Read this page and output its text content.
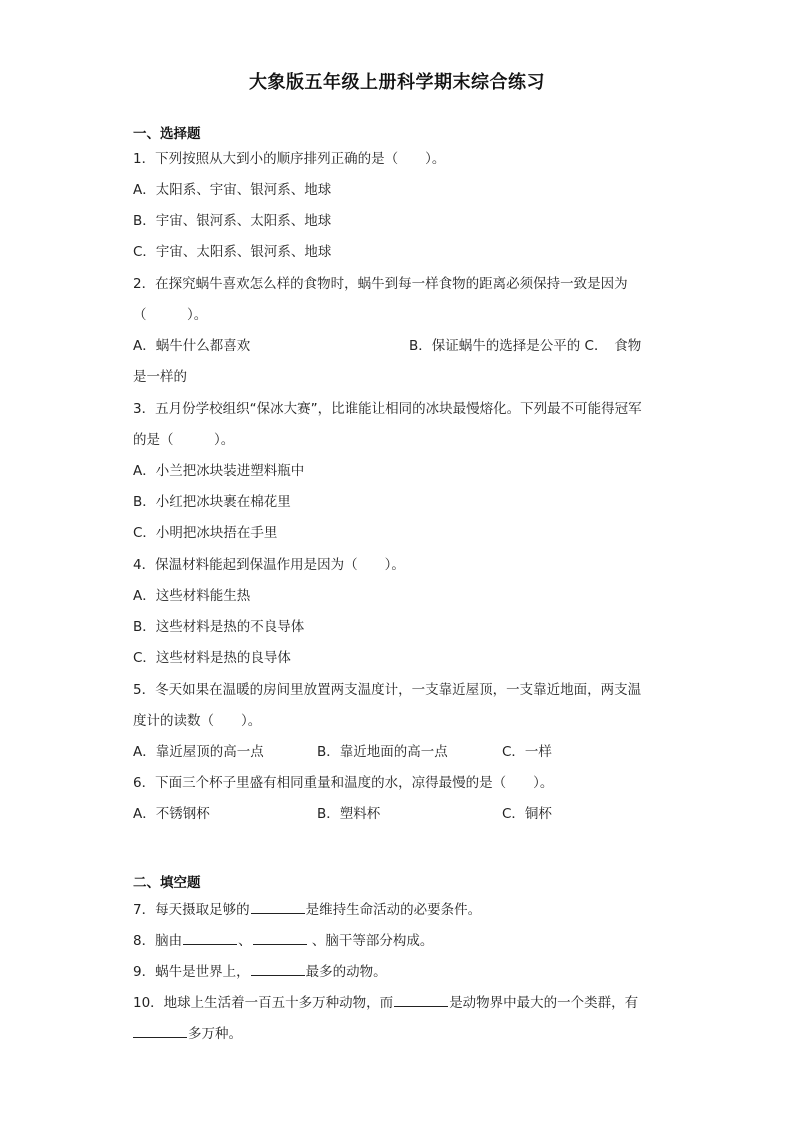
大象版五年级上册科学期末综合练习
一、选择题
1．下列按照从大到小的顺序排列正确的是（　　）。
A．太阳系、宇宙、银河系、地球
B．宇宙、银河系、太阳系、地球
C．宇宙、太阳系、银河系、地球
2．在探究蜗牛喜欢怎么样的食物时，蜗牛到每一样食物的距离必须保持一致是因为
（　　　）。
A．蜗牛什么都喜欢	B．保证蜗牛的选择是公平的 C．　食物
是一样的
3．五月份学校组织“保冰大赛”，比谁能让相同的冰块最慢熔化。下列最不可能得冠军
的是（　　　）。
A．小兰把冰块装进塑料瓶中
B．小红把冰块裹在棉花里
C．小明把冰块捂在手里
4．保温材料能起到保温作用是因为（　　）。
A．这些材料能生热
B．这些材料是热的不良导体
C．这些材料是热的良导体
5．冬天如果在温暖的房间里放置两支温度计，一支靠近屋顶，一支靠近地面，两支温
度计的读数（　　）。
A．靠近屋顶的高一点	B．靠近地面的高一点	C．一样
6．下面三个杯子里盛有相同重量和温度的水，凉得最慢的是（　　）。
A．不锈钢杯	B．塑料杯	C．铜杯
二、填空题
7．每天摄取足够的	是维持生命活动的必要条件。
8．脑由	、	、脑干等部分构成。
9．蜗牛是世界上，	最多的动物。
10．地球上生活着一百五十多万种动物，而	是动物界中最大的一个类群，有
多万种。
